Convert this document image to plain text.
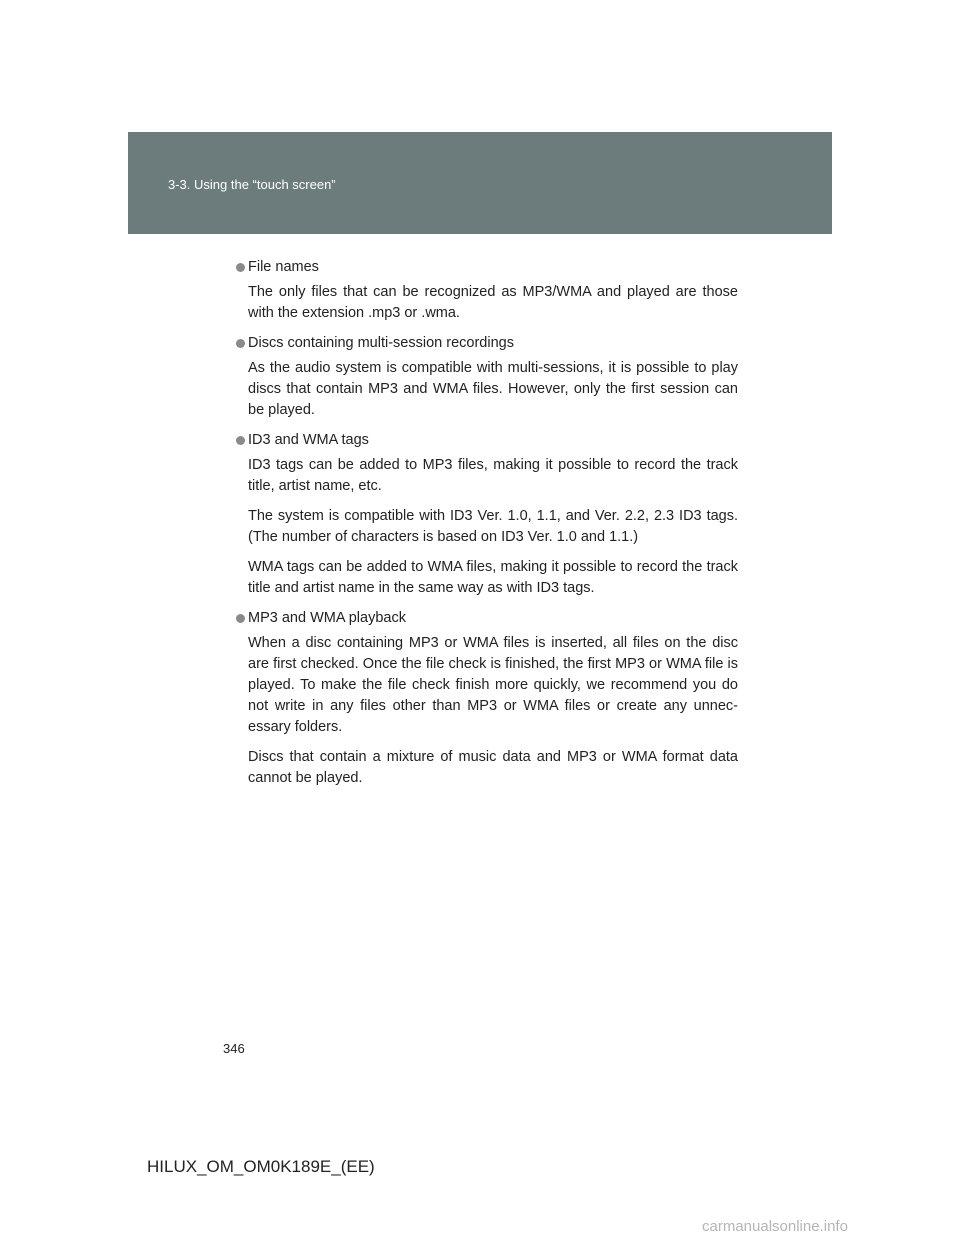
3-3. Using the “touch screen”
File names

The only files that can be recognized as MP3/WMA and played are those with the extension .mp3 or .wma.

Discs containing multi-session recordings

As the audio system is compatible with multi-sessions, it is possible to play discs that contain MP3 and WMA files. However, only the first session can be played.

ID3 and WMA tags

ID3 tags can be added to MP3 files, making it possible to record the track title, artist name, etc.

The system is compatible with ID3 Ver. 1.0, 1.1, and Ver. 2.2, 2.3 ID3 tags. (The number of characters is based on ID3 Ver. 1.0 and 1.1.)

WMA tags can be added to WMA files, making it possible to record the track title and artist name in the same way as with ID3 tags.

MP3 and WMA playback

When a disc containing MP3 or WMA files is inserted, all files on the disc are first checked. Once the file check is finished, the first MP3 or WMA file is played. To make the file check finish more quickly, we recommend you do not write in any files other than MP3 or WMA files or create any unnec-essary folders.

Discs that contain a mixture of music data and MP3 or WMA format data cannot be played.

346
HILUX_OM_OM0K189E_(EE)
carmanualsonline.info
